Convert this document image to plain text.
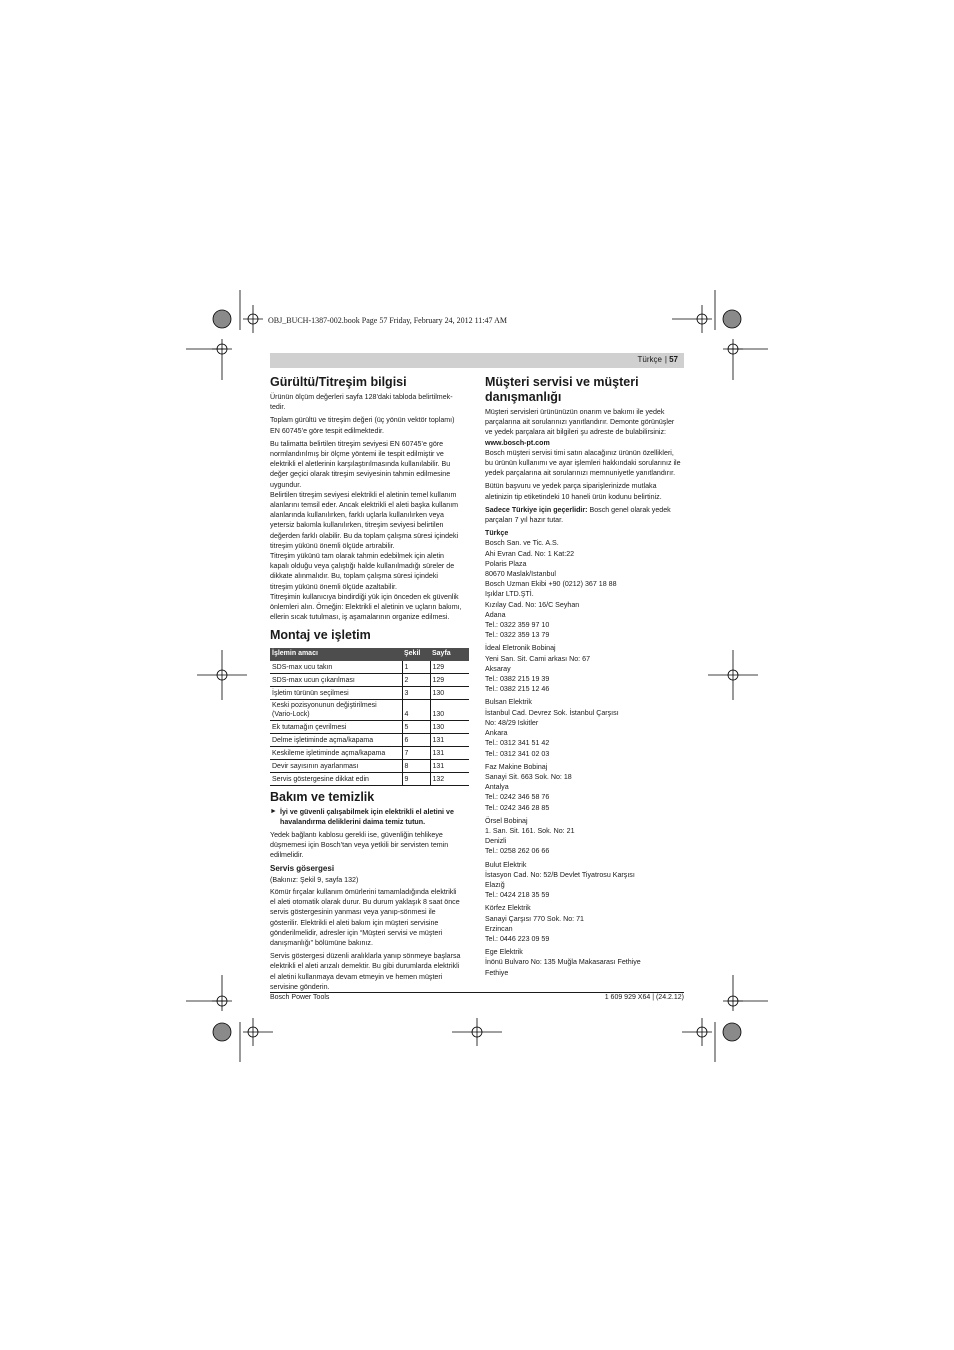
OBJ_BUCH-1387-002.book Page 57 Friday, February 24, 2012 11:47 AM
Türkçe | 57
Gürültü/Titreşim bilgisi

Ürünün ölçüm değerleri sayfa 128’daki tabloda belirtilmek-
tedir.

Toplam gürültü ve titreşim değeri (üç yönün vektör toplamı)
EN 60745’e göre tespit edilmektedir.

Bu talimatta belirtilen titreşim seviyesi EN 60745’e göre
normlandırılmış bir ölçme yöntemi ile tespit edilmiştir ve
elektrikli el aletlerinin karşılaştırılmasında kullanılabilir. Bu
değer geçici olarak titreşim seviyesinin tahmin edilmesine
uygundur.
Belirtilen titreşim seviyesi elektrikli el aletinin temel kullanım
alanlarını temsil eder. Ancak elektrikli el aleti başka kullanım
alanlarında kullanılırken, farklı uçlarla kullanılırken veya
yetersiz bakımla kullanılırken, titreşim seviyesi belirtilen
değerden farklı olabilir. Bu da toplam çalışma süresi içindeki
titreşim yükünü önemli ölçüde artırabilir.
Titreşim yükünü tam olarak tahmin edebilmek için aletin
kapalı olduğu veya çalıştığı halde kullanılmadığı süreler de
dikkate alınmalıdır. Bu, toplam çalışma süresi içindeki
titreşim yükünü önemli ölçüde azaltabilir.
Titreşimin kullanıcıya bindirdiği yük için önceden ek güvenlik
önlemleri alın. Örneğin: Elektrikli el aletinin ve uçların bakımı,
ellerin sıcak tutulması, iş aşamalarının organize edilmesi.

Montaj ve işletim
İşlemin amacı	Şekil	Sayfa
SDS-max ucu takın	1	129
SDS-max ucun çıkarılması	2	129
İşletim türünün seçilmesi	3	130

Keski pozisyonunun değiştirilmesi
(Vario-Lock)	4	130
Ek tutamağın çevrilmesi	5	130
Delme işletiminde açma/kapama	6	131
Keskileme işletiminde açma/kapama	7	131
Devir sayısının ayarlanması	8	131
Servis göstergesine dikkat edin	9	132
Bakım ve temizlik
► İyi ve güvenli çalışabilmek için elektrikli el aletini ve
havalandırma deliklerini daima temiz tutun.

Yedek bağlantı kablosu gerekli ise, güvenliğin tehlikeye
düşmemesi için Bosch’tan veya yetkili bir servisten temin
edilmelidir.

Servis gösergesi

(Bakınız: Şekil 9, sayfa 132)

Kömür fırçalar kullanım ömürlerini tamamladığında elektrikli
el aleti otomatik olarak durur. Bu durum yaklaşık 8 saat önce
servis göstergesinin yanması veya yanıp-sönmesi ile
gösterilir. Elektrikli el aleti bakım için müşteri servisine
gönderilmelidir, adresler için “Müşteri servisi ve müşteri
danışmanlığı” bölümüne bakınız.

Servis göstergesi düzenli aralıklarla yanıp sönmeye başlarsa
elektrikli el aleti arızalı demektir. Bu gibi durumlarda elektrikli
el aletini kullanmaya devam etmeyin ve hemen müşteri
servisine gönderin.

Müşteri servisi ve müşteri
danışmanlığı

Müşteri servisleri ürününüzün onarım ve bakımı ile yedek
parçalarına ait sorularınızı yanıtlandırır. Demonte görünüşler
ve yedek parçalara ait bilgileri şu adreste de bulabilirsiniz:
www.bosch-pt.com
Bosch müşteri servisi timi satın alacağınız ürünün özellikleri,
bu ürünün kullanımı ve ayar işlemleri hakkındaki sorularınız ile
yedek parçalarına ait sorularınızı memnuniyetle yanıtlandırır.

Bütün başvuru ve yedek parça siparişlerinizde mutlaka
aletinizin tip etiketindeki 10 haneli ürün kodunu belirtiniz.

Sadece Türkiye için geçerlidir: Bosch genel olarak yedek
parçaları 7 yıl hazır tutar.

Türkçe

Bosch San. ve Tic. A.S.
Ahi Evran Cad. No: 1 Kat:22
Polaris Plaza
80670 Maslak/Istanbul
Bosch Uzman Ekibi +90 (0212) 367 18 88
Işıklar LTD.ŞTİ.
Kızılay Cad. No: 16/C Seyhan
Adana
Tel.: 0322 359 97 10
Tel.: 0322 359 13 79

İdeal Eletronik Bobinaj
Yeni San. Sit. Cami arkası No: 67
Aksaray
Tel.: 0382 215 19 39
Tel.: 0382 215 12 46

Bulsan Elektrik
İstanbul Cad. Devrez Sok. İstanbul Çarşısı
No: 48/29 Iskitler
Ankara
Tel.: 0312 341 51 42
Tel.: 0312 341 02 03

Faz Makine Bobinaj
Sanayi Sit. 663 Sok. No: 18
Antalya
Tel.: 0242 346 58 76
Tel.: 0242 346 28 85

Örsel Bobinaj
1. San. Sit. 161. Sok. No: 21
Denizli
Tel.: 0258 262 06 66

Bulut Elektrik
İstasyon Cad. No: 52/B Devlet Tiyatrosu Karşısı
Elazığ
Tel.: 0424 218 35 59

Körfez Elektrik
Sanayi Çarşısı 770 Sok. No: 71
Erzincan
Tel.: 0446 223 09 59

Ege Elektrik
İnönü Bulvaro No: 135 Muğla Makasarası Fethiye
Fethiye

Bosch Power Tools	1 609 929 X64 | (24.2.12)
